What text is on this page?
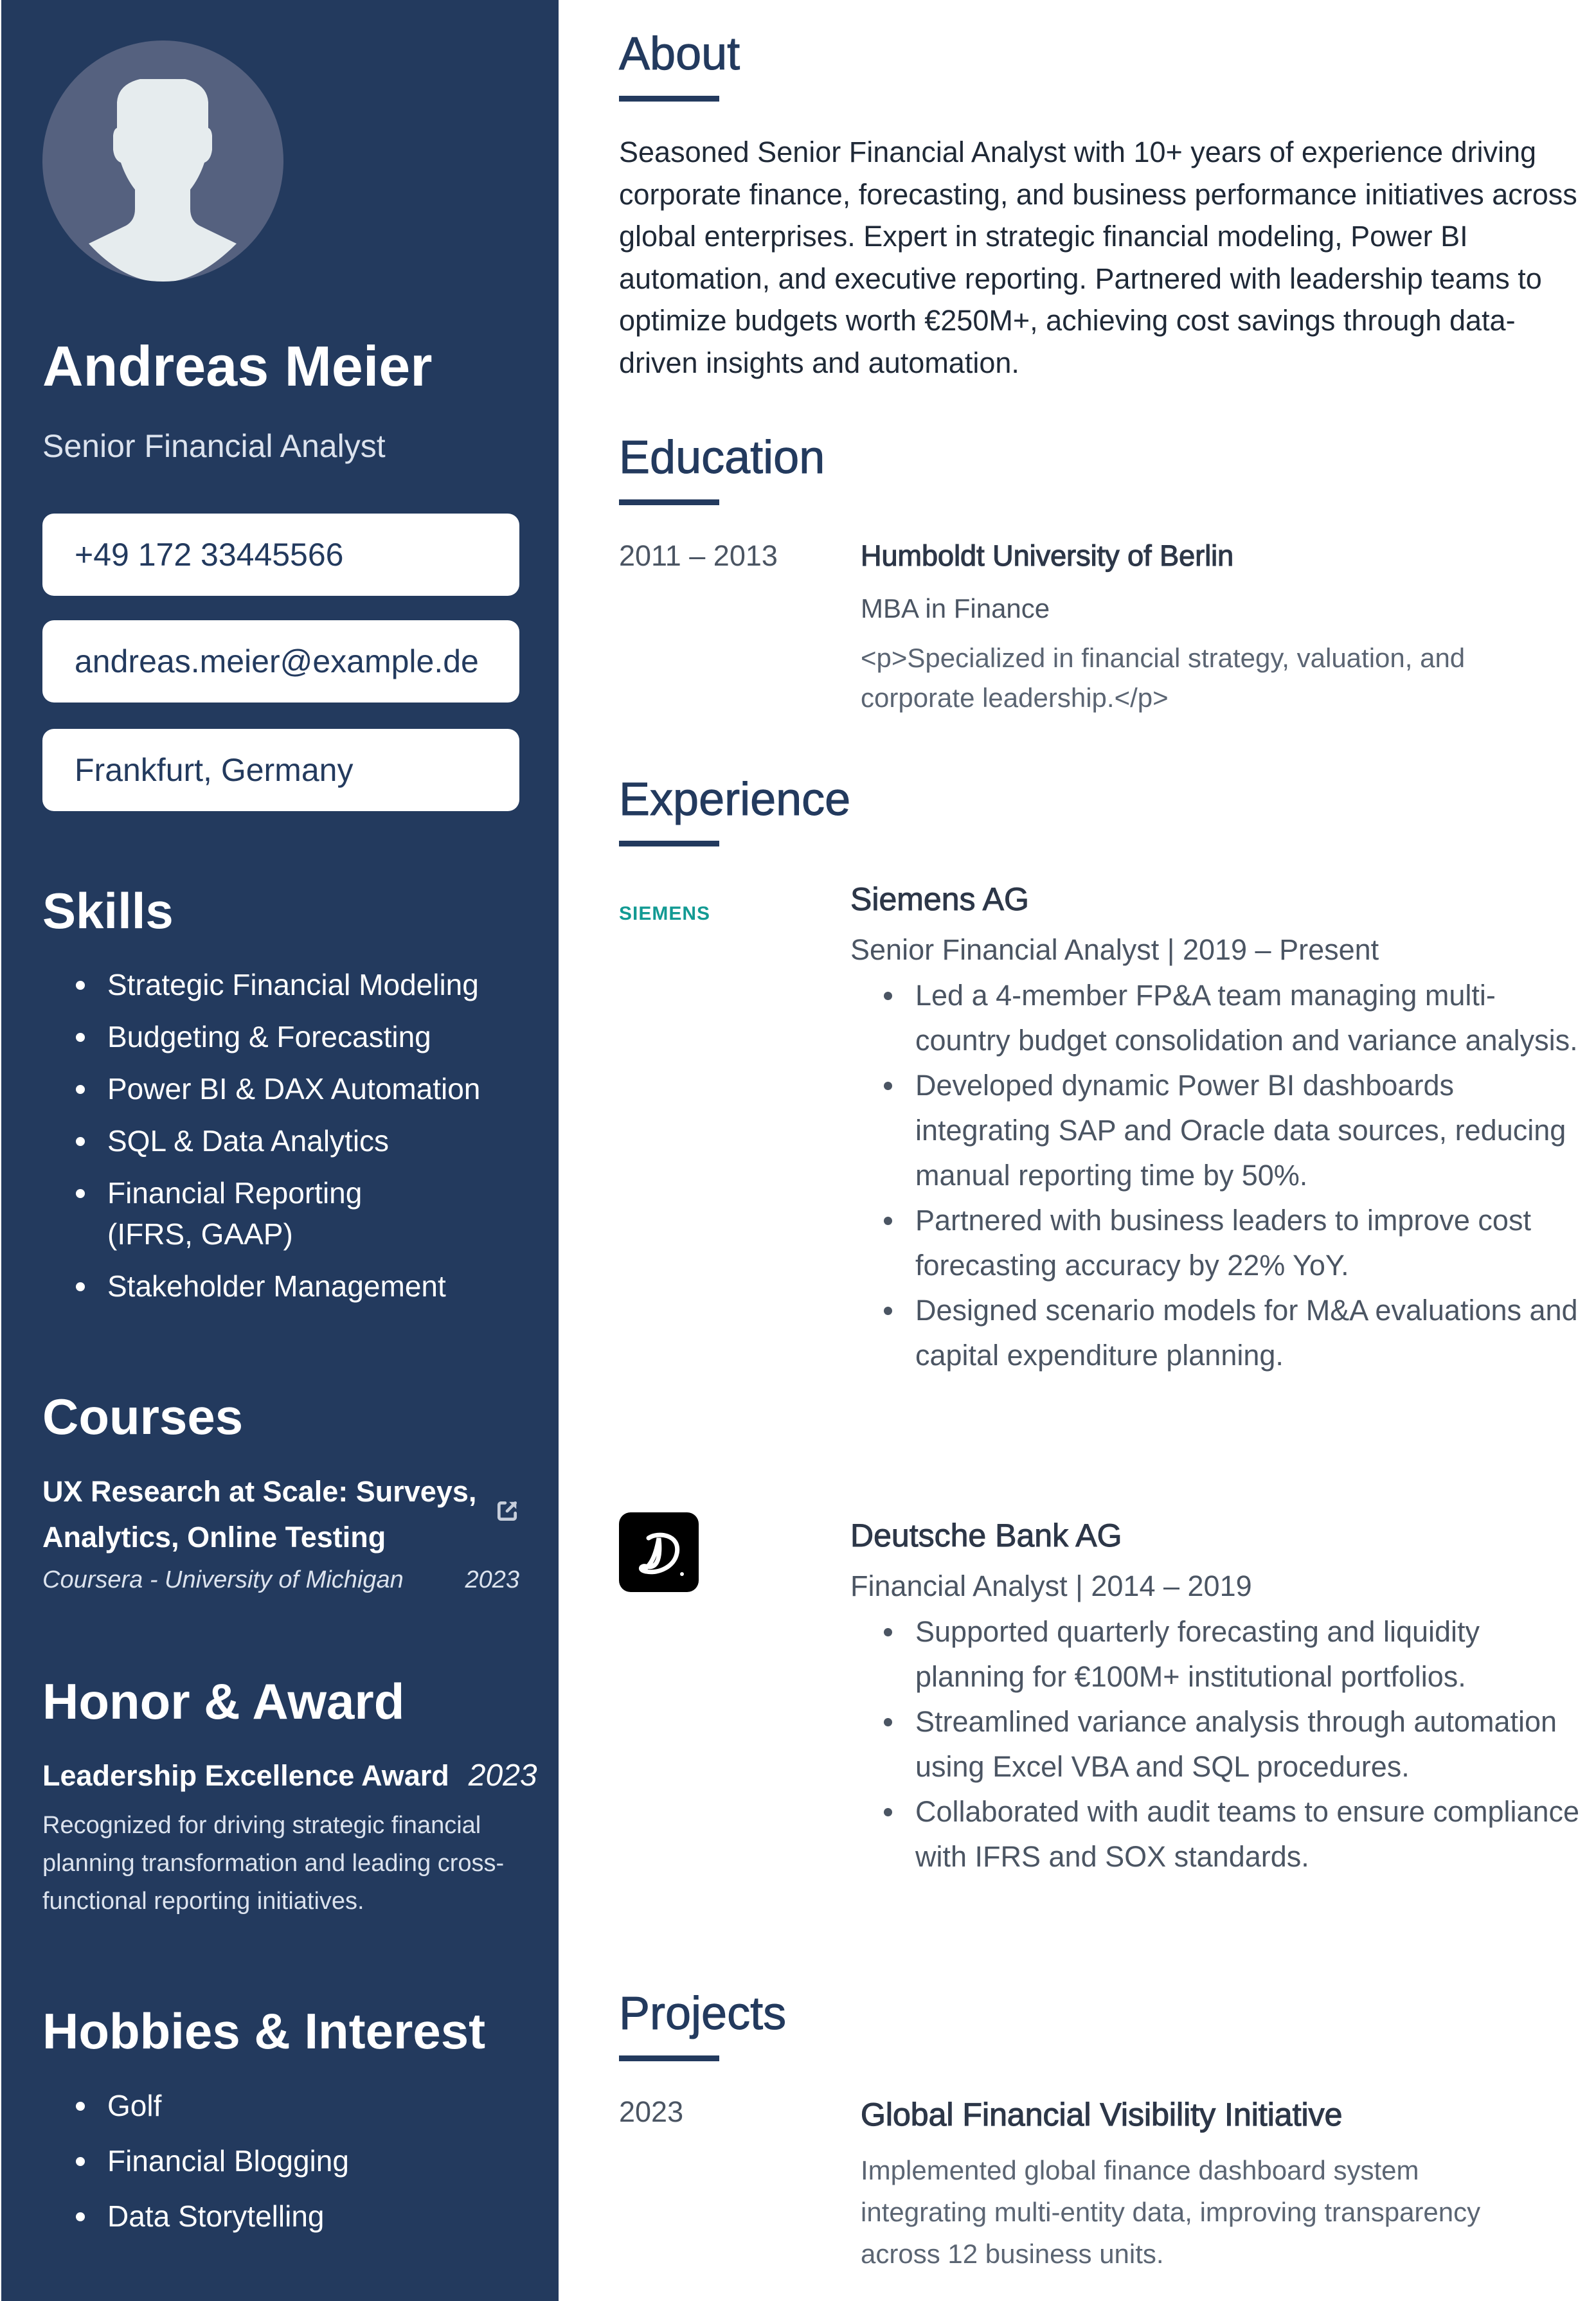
Andreas Meier
Senior Financial Analyst
+49 172 33445566
andreas.meier@example.de
Frankfurt, Germany
Skills
Strategic Financial Modeling
Budgeting & Forecasting
Power BI & DAX Automation
SQL & Data Analytics
Financial Reporting (IFRS, GAAP)
Stakeholder Management
Courses
UX Research at Scale: Surveys, Analytics, Online Testing
Coursera - University of Michigan	2023
Honor & Award
Leadership Excellence Award 2023
Recognized for driving strategic financial planning transformation and leading cross-functional reporting initiatives.
Hobbies & Interest
Golf
Financial Blogging
Data Storytelling
About

Seasoned Senior Financial Analyst with 10+ years of experience driving corporate finance, forecasting, and business performance initiatives across global enterprises. Expert in strategic financial modeling, Power BI automation, and executive reporting. Partnered with leadership teams to optimize budgets worth €250M+, achieving cost savings through data-driven insights and automation.

Education
2011 – 2013	Humboldt University of Berlin
MBA in Finance
<p>Specialized in financial strategy, valuation, and corporate leadership.</p>
Experience
SIEMENS	Siemens AG
Senior Financial Analyst | 2019 – Present
Led a 4-member FP&A team managing multi-country budget consolidation and variance analysis.
Developed dynamic Power BI dashboards integrating SAP and Oracle data sources, reducing manual reporting time by 50%.
Partnered with business leaders to improve cost forecasting accuracy by 22% YoY.
Designed scenario models for M&A evaluations and capital expenditure planning.
Deutsche Bank AG
Financial Analyst | 2014 – 2019
Supported quarterly forecasting and liquidity planning for €100M+ institutional portfolios.
Streamlined variance analysis through automation using Excel VBA and SQL procedures.
Collaborated with audit teams to ensure compliance with IFRS and SOX standards.
Projects
2023	Global Financial Visibility Initiative
Implemented global finance dashboard system integrating multi-entity data, improving transparency across 12 business units.
